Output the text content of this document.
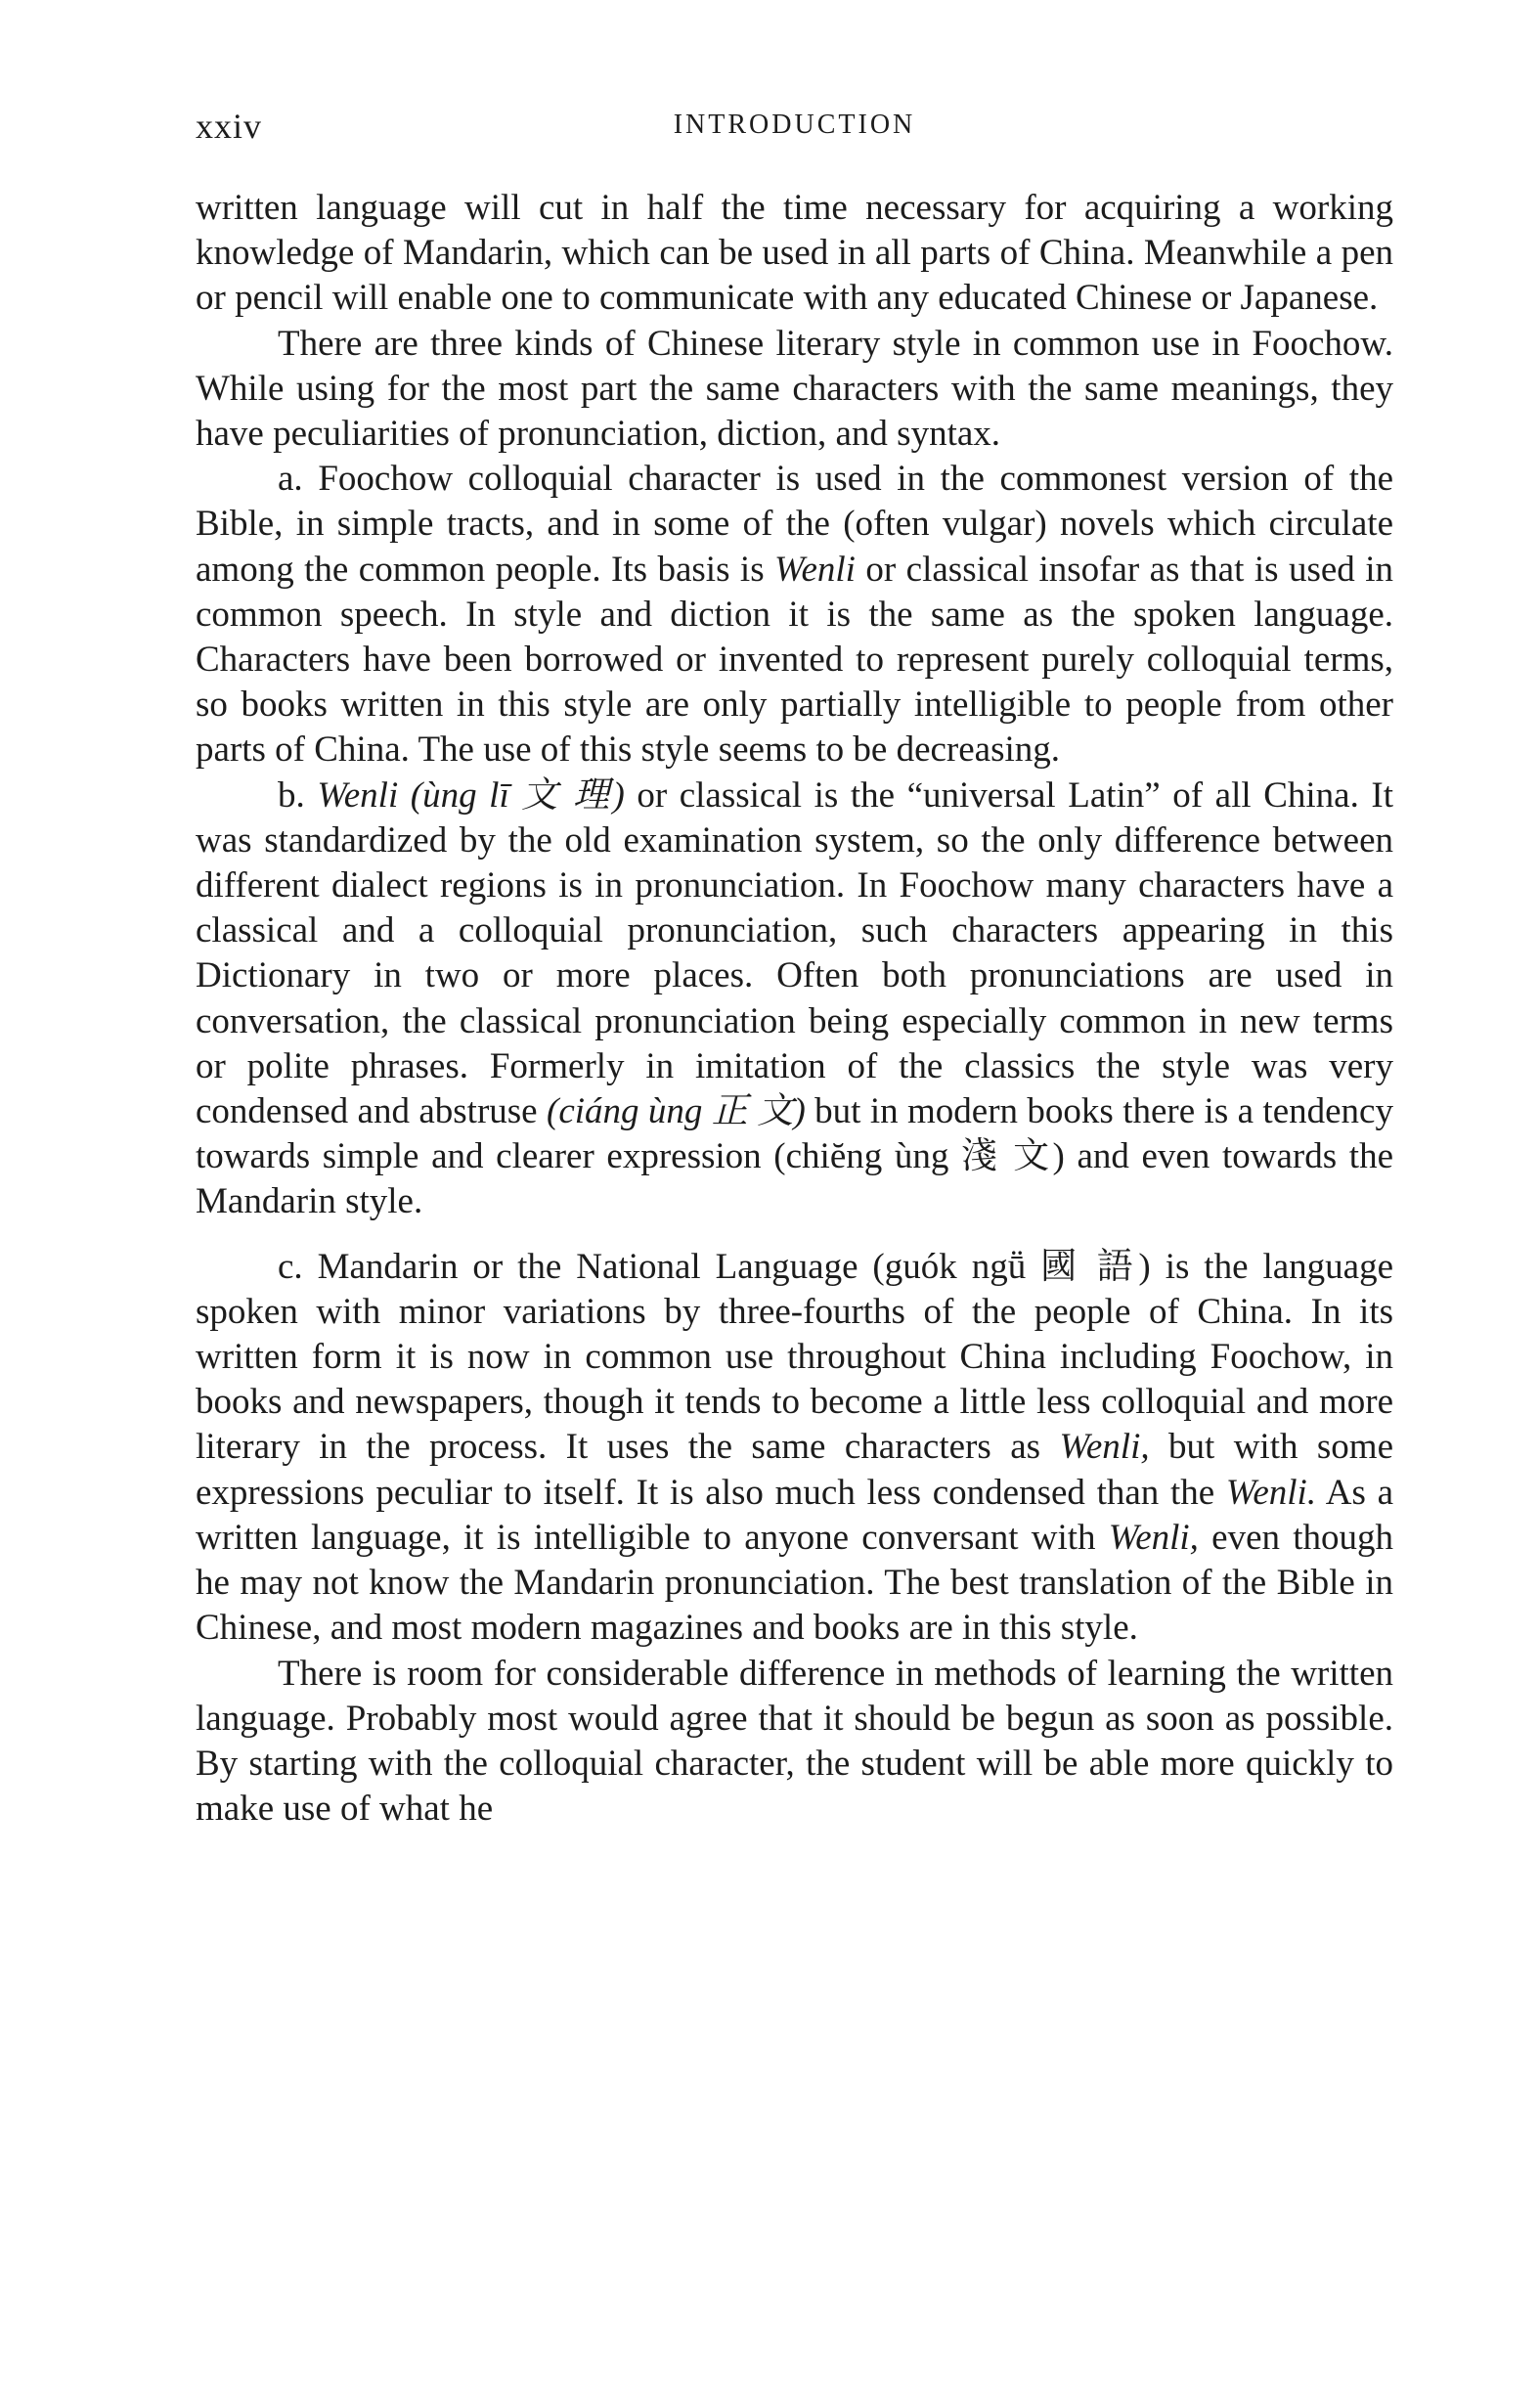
xxiv	INTRODUCTION

written language will cut in half the time necessary for acquiring a working knowledge of Mandarin, which can be used in all parts of China. Meanwhile a pen or pencil will enable one to communicate with any educated Chinese or Japanese.

There are three kinds of Chinese literary style in common use in Foochow. While using for the most part the same characters with the same meanings, they have peculiarities of pronunciation, diction, and syntax.

a. Foochow colloquial character is used in the commonest version of the Bible, in simple tracts, and in some of the (often vulgar) novels which circulate among the common people. Its basis is Wenli or classical insofar as that is used in common speech. In style and diction it is the same as the spoken language. Characters have been borrowed or invented to represent purely colloquial terms, so books written in this style are only partially intelligible to people from other parts of China. The use of this style seems to be decreasing.

b. Wenli (ùng lī 文 理) or classical is the “universal Latin” of all China. It was standardized by the old examination system, so the only difference between different dialect regions is in pronunciation. In Foochow many characters have a classical and a colloquial pronunciation, such characters appearing in this Dictionary in two or more places. Often both pronunciations are used in conversation, the classical pronunciation being especially common in new terms or polite phrases. Formerly in imitation of the classics the style was very condensed and abstruse (ciáng ùng 正 文) but in modern books there is a tendency towards simple and clearer expression (chiĕng ùng 淺 文) and even towards the Mandarin style.

c. Mandarin or the National Language (guók ngṻ 國 語) is the language spoken with minor variations by three-fourths of the people of China. In its written form it is now in common use throughout China including Foochow, in books and newspapers, though it tends to become a little less colloquial and more literary in the process. It uses the same characters as Wenli, but with some expressions peculiar to itself. It is also much less condensed than the Wenli. As a written language, it is intelligible to anyone conversant with Wenli, even though he may not know the Mandarin pronunciation. The best translation of the Bible in Chinese, and most modern magazines and books are in this style.

There is room for considerable difference in methods of learning the written language. Probably most would agree that it should be begun as soon as possible. By starting with the colloquial character, the student will be able more quickly to make use of what he
